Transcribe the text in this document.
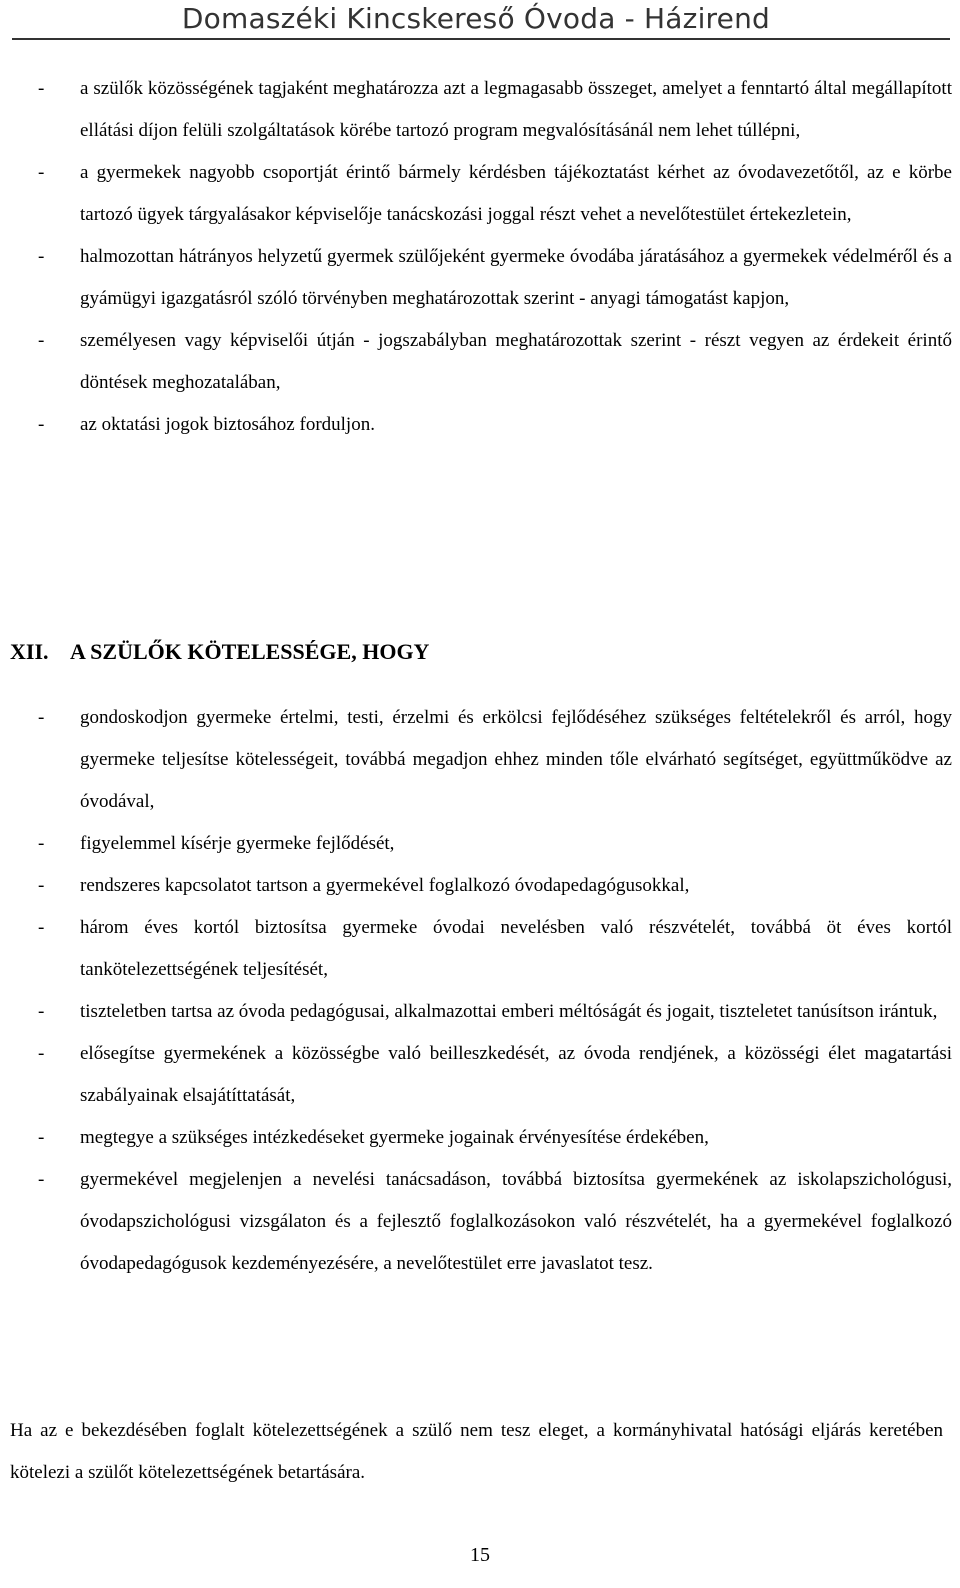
Domaszéki Kincskereső Óvoda - Házirend
- a szülők közösségének tagjaként meghatározza azt a legmagasabb összeget, amelyet a fenntartó által megállapított ellátási díjon felüli szolgáltatások körébe tartozó program megvalósításánál nem lehet túllépni,
- a gyermekek nagyobb csoportját érintő bármely kérdésben tájékoztatást kérhet az óvodavezetőtől, az e körbe tartozó ügyek tárgyalásakor képviselője tanácskozási joggal részt vehet a nevelőtestület értekezletein,
- halmozottan hátrányos helyzetű gyermek szülőjeként gyermeke óvodába járatásához a gyermekek védelméről és a gyámügyi igazgatásról szóló törvényben meghatározottak szerint - anyagi támogatást kapjon,
- személyesen vagy képviselői útján - jogszabályban meghatározottak szerint - részt vegyen az érdekeit érintő döntések meghozatalában,
- az oktatási jogok biztosához forduljon.
XII. A SZÜLŐK KÖTELESSÉGE, HOGY
- gondoskodjon gyermeke értelmi, testi, érzelmi és erkölcsi fejlődéséhez szükséges feltételekről és arról, hogy gyermeke teljesítse kötelességeit, továbbá megadjon ehhez minden tőle elvárható segítséget, együttműködve az óvodával,
- figyelemmel kísérje gyermeke fejlődését,
- rendszeres kapcsolatot tartson a gyermekével foglalkozó óvodapedagógusokkal,
- három éves kortól biztosítsa gyermeke óvodai nevelésben való részvételét, továbbá öt éves kortól tankötelezettségének teljesítését,
- tiszteletben tartsa az óvoda pedagógusai, alkalmazottai emberi méltóságát és jogait, tiszteletet tanúsítson irántuk,
- elősegítse gyermekének a közösségbe való beilleszkedését, az óvoda rendjének, a közösségi élet magatartási szabályainak elsajátíttatását,
- megtegye a szükséges intézkedéseket gyermeke jogainak érvényesítése érdekében,
- gyermekével megjelenjen a nevelési tanácsadáson, továbbá biztosítsa gyermekének az iskolapszichológusi, óvodapszichológusi vizsgálaton és a fejlesztő foglalkozásokon való részvételét, ha a gyermekével foglalkozó óvodapedagógusok kezdeményezésére, a nevelőtestület erre javaslatot tesz.

Ha az e bekezdésében foglalt kötelezettségének a szülő nem tesz eleget, a kormányhivatal hatósági eljárás keretében kötelezi a szülőt kötelezettségének betartására.

15
